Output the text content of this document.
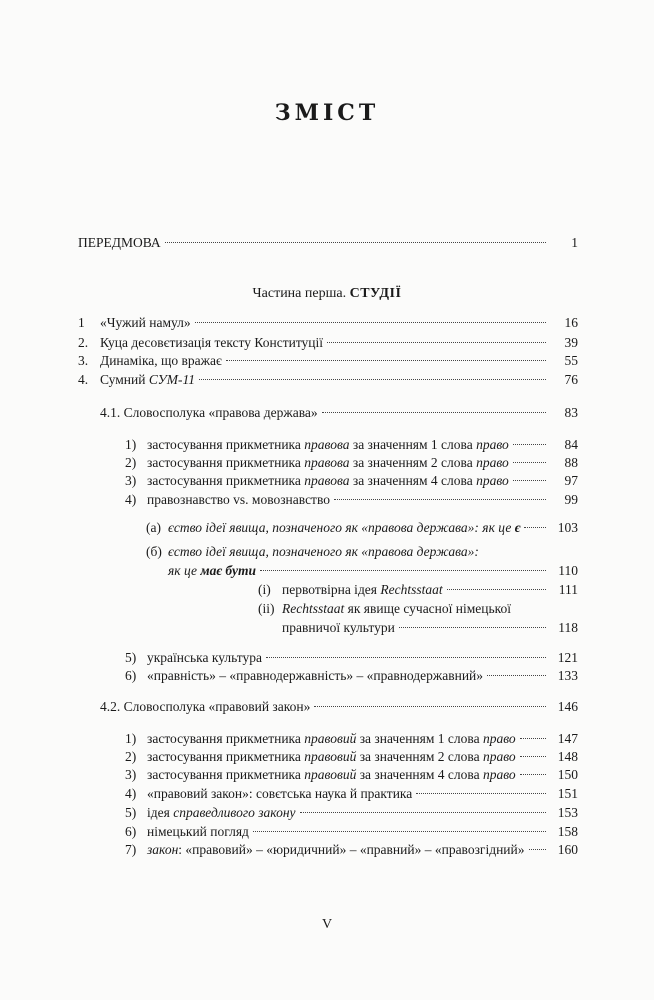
ЗМІСТ
ПЕРЕДМОВА	1
Частина перша. СТУДІЇ
1	«Чужий намул»	16
2. Куца десовєтизація тексту Конституції	39
3. Динаміка, що вражає	55
4. Сумний СУМ-11	76
4.1. Словосполука «правова держава»	83
1) застосування прикметника правова за значенням 1 слова право	84
2) застосування прикметника правова за значенням 2 слова право	88
3) застосування прикметника правова за значенням 4 слова право	97
4) правознавство vs. мовознавство	99
(а) єство ідеї явища, позначеного як «правова держава»: як це є	103
(б) єство ідеї явища, позначеного як «правова держава»:
як це має бути	110
(i) первотвірна ідея Rechtsstaat	111
(ii) Rechtsstaat як явище сучасної німецької
правничої культури	118
5) українська культура	121
6) «правність» – «правнодержавність» – «правнодержавний»	133
4.2. Словосполука «правовий закон»	146
1) застосування прикметника правовий за значенням 1 слова право	147
2) застосування прикметника правовий за значенням 2 слова право	148
3) застосування прикметника правовий за значенням 4 слова право	150
4) «правовий закон»: совєтська наука й практика	151
5) ідея справедливого закону	153
6) німецький погляд	158
7) закон: «правовий» – «юридичний» – «правний» – «правозгідний»	160
V
